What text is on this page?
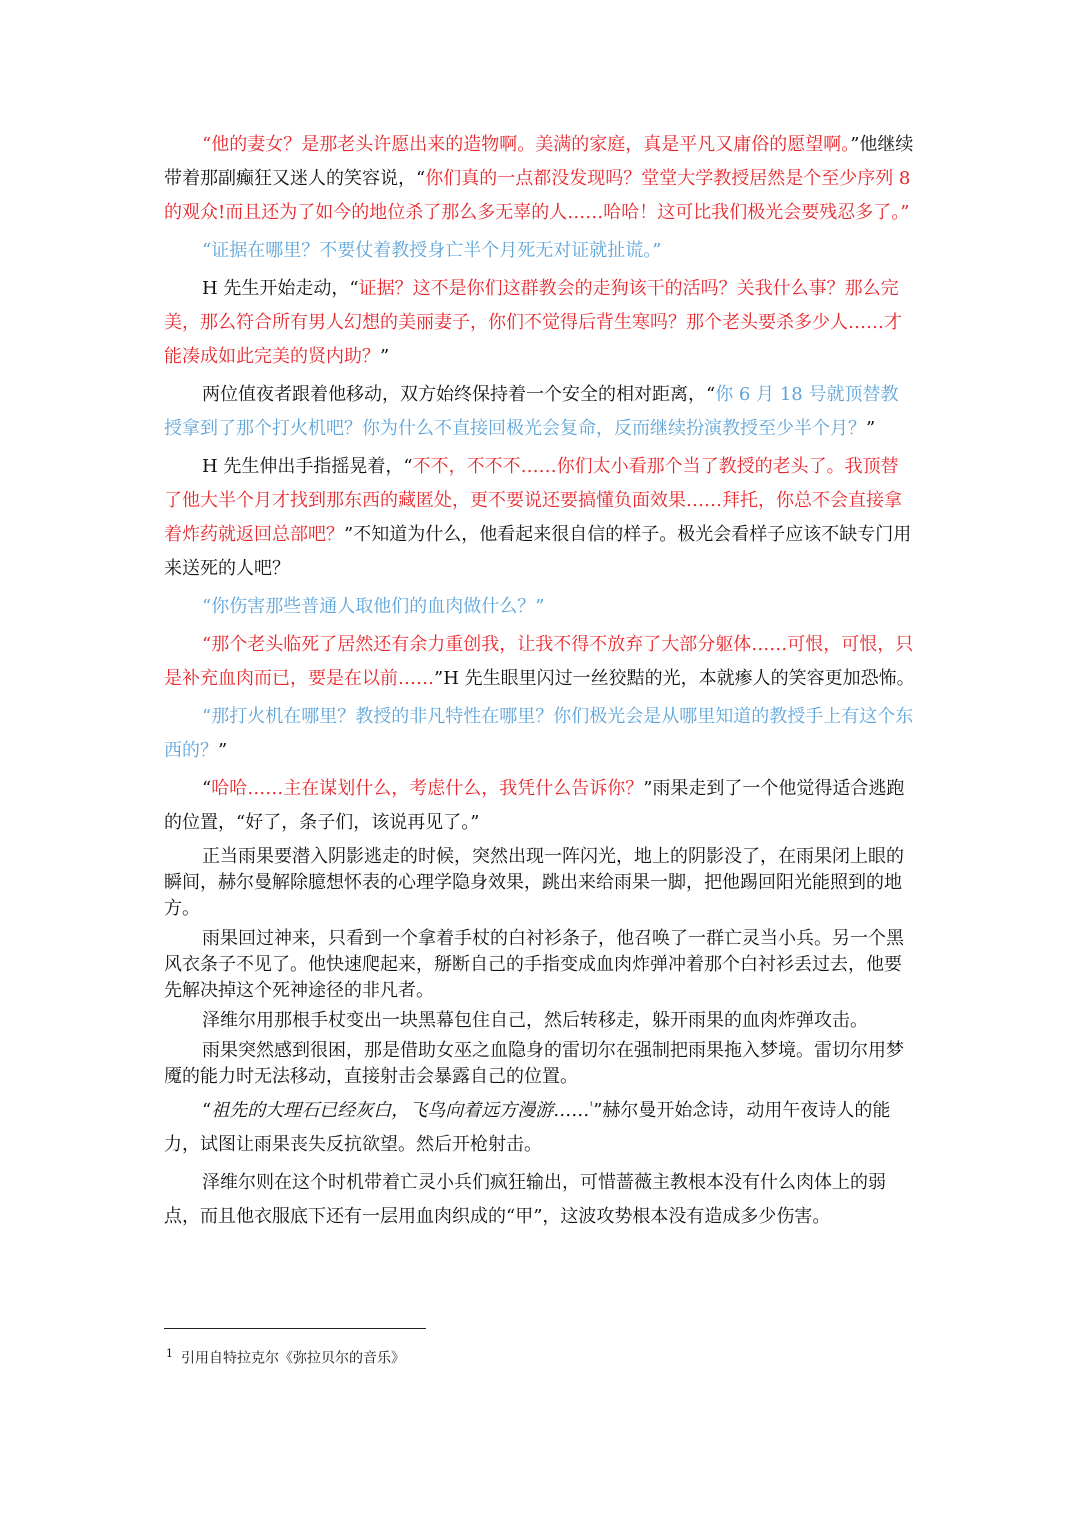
“他的妻女？是那老头许愿出来的造物啊。美满的家庭，真是平凡又庸俗的愿望啊。”他继续带着那副癫狂又迷人的笑容说，“你们真的一点都没发现吗？堂堂大学教授居然是个至少序列 8 的观众!而且还为了如今的地位杀了那么多无辜的人……哈哈！这可比我们极光会要残忍多了。”

“证据在哪里？不要仗着教授身亡半个月死无对证就扯谎。”

H 先生开始走动，“证据？这不是你们这群教会的走狗该干的活吗？关我什么事？那么完美，那么符合所有男人幻想的美丽妻子，你们不觉得后背生寒吗？那个老头要杀多少人……才能凑成如此完美的贤内助？”

两位值夜者跟着他移动，双方始终保持着一个安全的相对距离，“你 6 月 18 号就顶替教授拿到了那个打火机吧？你为什么不直接回极光会复命，反而继续扮演教授至少半个月？”

H 先生伸出手指摇晃着，“不不，不不不……你们太小看那个当了教授的老头了。我顶替了他大半个月才找到那东西的藏匿处，更不要说还要搞懂负面效果……拜托，你总不会直接拿着炸药就返回总部吧？”不知道为什么，他看起来很自信的样子。极光会看样子应该不缺专门用来送死的人吧？

“你伤害那些普通人取他们的血肉做什么？”

“那个老头临死了居然还有余力重创我，让我不得不放弃了大部分躯体……可恨，可恨，只是补充血肉而已，要是在以前……”H 先生眼里闪过一丝狡黠的光，本就瘆人的笑容更加恐怖。

“那打火机在哪里？教授的非凡特性在哪里？你们极光会是从哪里知道的教授手上有这个东西的？”

“哈哈……主在谋划什么，考虑什么，我凭什么告诉你？”雨果走到了一个他觉得适合逃跑的位置，“好了，条子们，该说再见了。”

正当雨果要潜入阴影逃走的时候，突然出现一阵闪光，地上的阴影没了，在雨果闭上眼的瞬间，赫尔曼解除臆想怀表的心理学隐身效果，跳出来给雨果一脚，把他踢回阳光能照到的地方。

雨果回过神来，只看到一个拿着手杖的白衬衫条子，他召唤了一群亡灵当小兵。另一个黑风衣条子不见了。他快速爬起来，掰断自己的手指变成血肉炸弹冲着那个白衬衫丢过去，他要先解决掉这个死神途径的非凡者。

泽维尔用那根手杖变出一块黑幕包住自己，然后转移走，躲开雨果的血肉炸弹攻击。

雨果突然感到很困，那是借助女巫之血隐身的雷切尔在强制把雨果拖入梦境。雷切尔用梦魇的能力时无法移动，直接射击会暴露自己的位置。

“祖先的大理石已经灰白，飞鸟向着远方漫游……$^{^1}$”赫尔曼开始念诗，动用午夜诗人的能力，试图让雨果丧失反抗欲望。然后开枪射击。

泽维尔则在这个时机带着亡灵小兵们疯狂输出，可惜蔷薇主教根本没有什么肉体上的弱点，而且他衣服底下还有一层用血肉织成的“甲”，这波攻势根本没有造成多少伤害。

$^1$ 引用自特拉克尔《弥拉贝尔的音乐》
